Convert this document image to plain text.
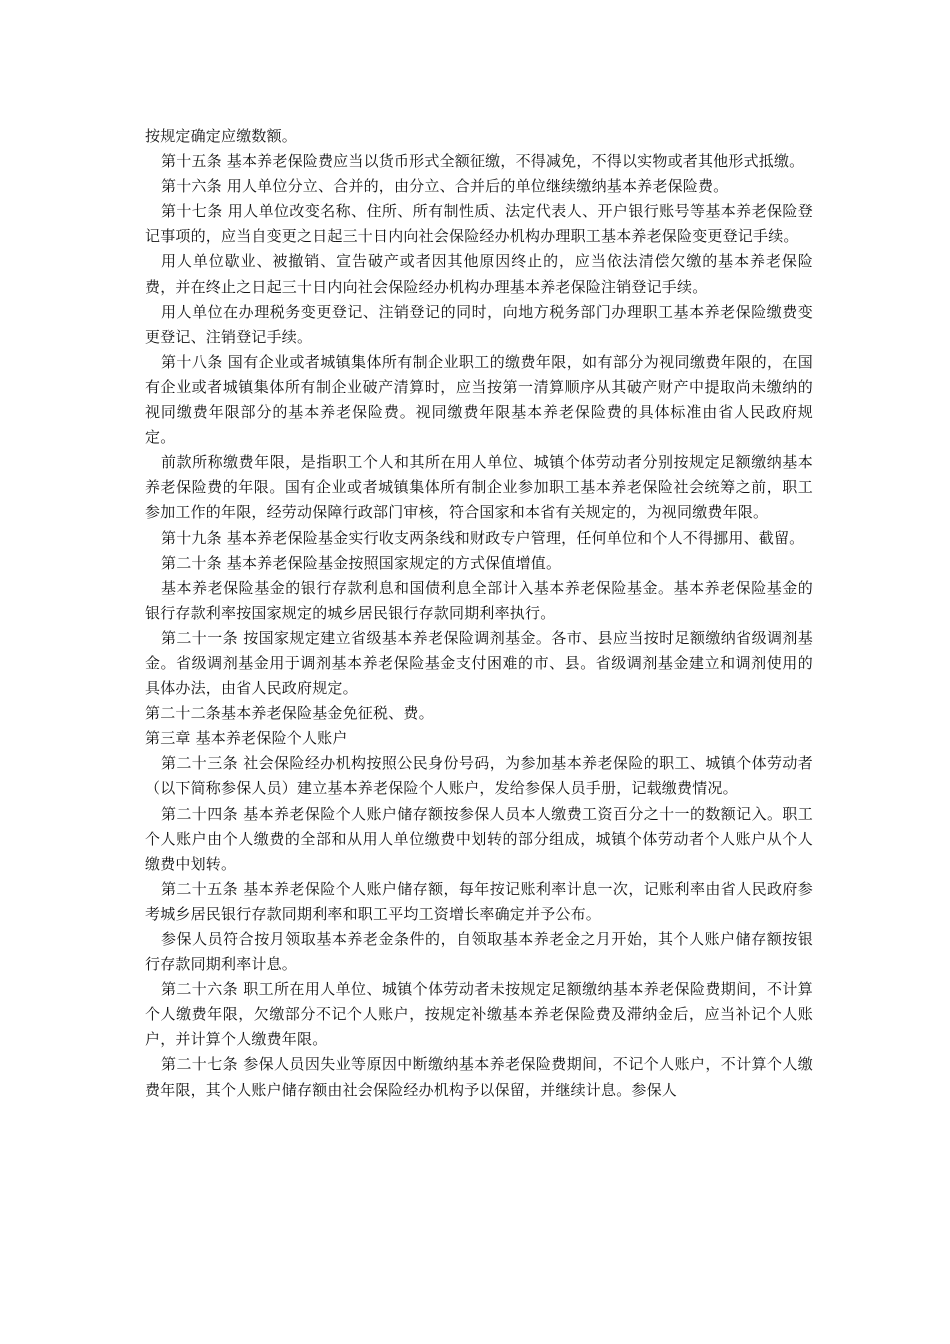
按规定确定应缴数额。

第十五条 基本养老保险费应当以货币形式全额征缴，不得减免，不得以实物或者其他形式抵缴。

第十六条 用人单位分立、合并的，由分立、合并后的单位继续缴纳基本养老保险费。

第十七条 用人单位改变名称、住所、所有制性质、法定代表人、开户银行账号等基本养老保险登记事项的，应当自变更之日起三十日内向社会保险经办机构办理职工基本养老保险变更登记手续。

用人单位歇业、被撤销、宣告破产或者因其他原因终止的，应当依法清偿欠缴的基本养老保险费，并在终止之日起三十日内向社会保险经办机构办理基本养老保险注销登记手续。

用人单位在办理税务变更登记、注销登记的同时，向地方税务部门办理职工基本养老保险缴费变更登记、注销登记手续。

第十八条 国有企业或者城镇集体所有制企业职工的缴费年限，如有部分为视同缴费年限的，在国有企业或者城镇集体所有制企业破产清算时，应当按第一清算顺序从其破产财产中提取尚未缴纳的视同缴费年限部分的基本养老保险费。视同缴费年限基本养老保险费的具体标准由省人民政府规定。

前款所称缴费年限，是指职工个人和其所在用人单位、城镇个体劳动者分别按规定足额缴纳基本养老保险费的年限。国有企业或者城镇集体所有制企业参加职工基本养老保险社会统筹之前，职工参加工作的年限，经劳动保障行政部门审核，符合国家和本省有关规定的，为视同缴费年限。

第十九条 基本养老保险基金实行收支两条线和财政专户管理，任何单位和个人不得挪用、截留。

第二十条 基本养老保险基金按照国家规定的方式保值增值。

基本养老保险基金的银行存款利息和国债利息全部计入基本养老保险基金。基本养老保险基金的银行存款利率按国家规定的城乡居民银行存款同期利率执行。

第二十一条 按国家规定建立省级基本养老保险调剂基金。各市、县应当按时足额缴纳省级调剂基金。省级调剂基金用于调剂基本养老保险基金支付困难的市、县。省级调剂基金建立和调剂使用的具体办法，由省人民政府规定。

第二十二条基本养老保险基金免征税、费。

第三章 基本养老保险个人账户

第二十三条 社会保险经办机构按照公民身份号码，为参加基本养老保险的职工、城镇个体劳动者（以下简称参保人员）建立基本养老保险个人账户，发给参保人员手册，记载缴费情况。

第二十四条 基本养老保险个人账户储存额按参保人员本人缴费工资百分之十一的数额记入。职工个人账户由个人缴费的全部和从用人单位缴费中划转的部分组成，城镇个体劳动者个人账户从个人缴费中划转。

第二十五条 基本养老保险个人账户储存额，每年按记账利率计息一次，记账利率由省人民政府参考城乡居民银行存款同期利率和职工平均工资增长率确定并予公布。

参保人员符合按月领取基本养老金条件的，自领取基本养老金之月开始，其个人账户储存额按银行存款同期利率计息。

第二十六条 职工所在用人单位、城镇个体劳动者未按规定足额缴纳基本养老保险费期间，不计算个人缴费年限，欠缴部分不记个人账户，按规定补缴基本养老保险费及滞纳金后，应当补记个人账户，并计算个人缴费年限。

第二十七条 参保人员因失业等原因中断缴纳基本养老保险费期间，不记个人账户，不计算个人缴费年限，其个人账户储存额由社会保险经办机构予以保留，并继续计息。参保人
